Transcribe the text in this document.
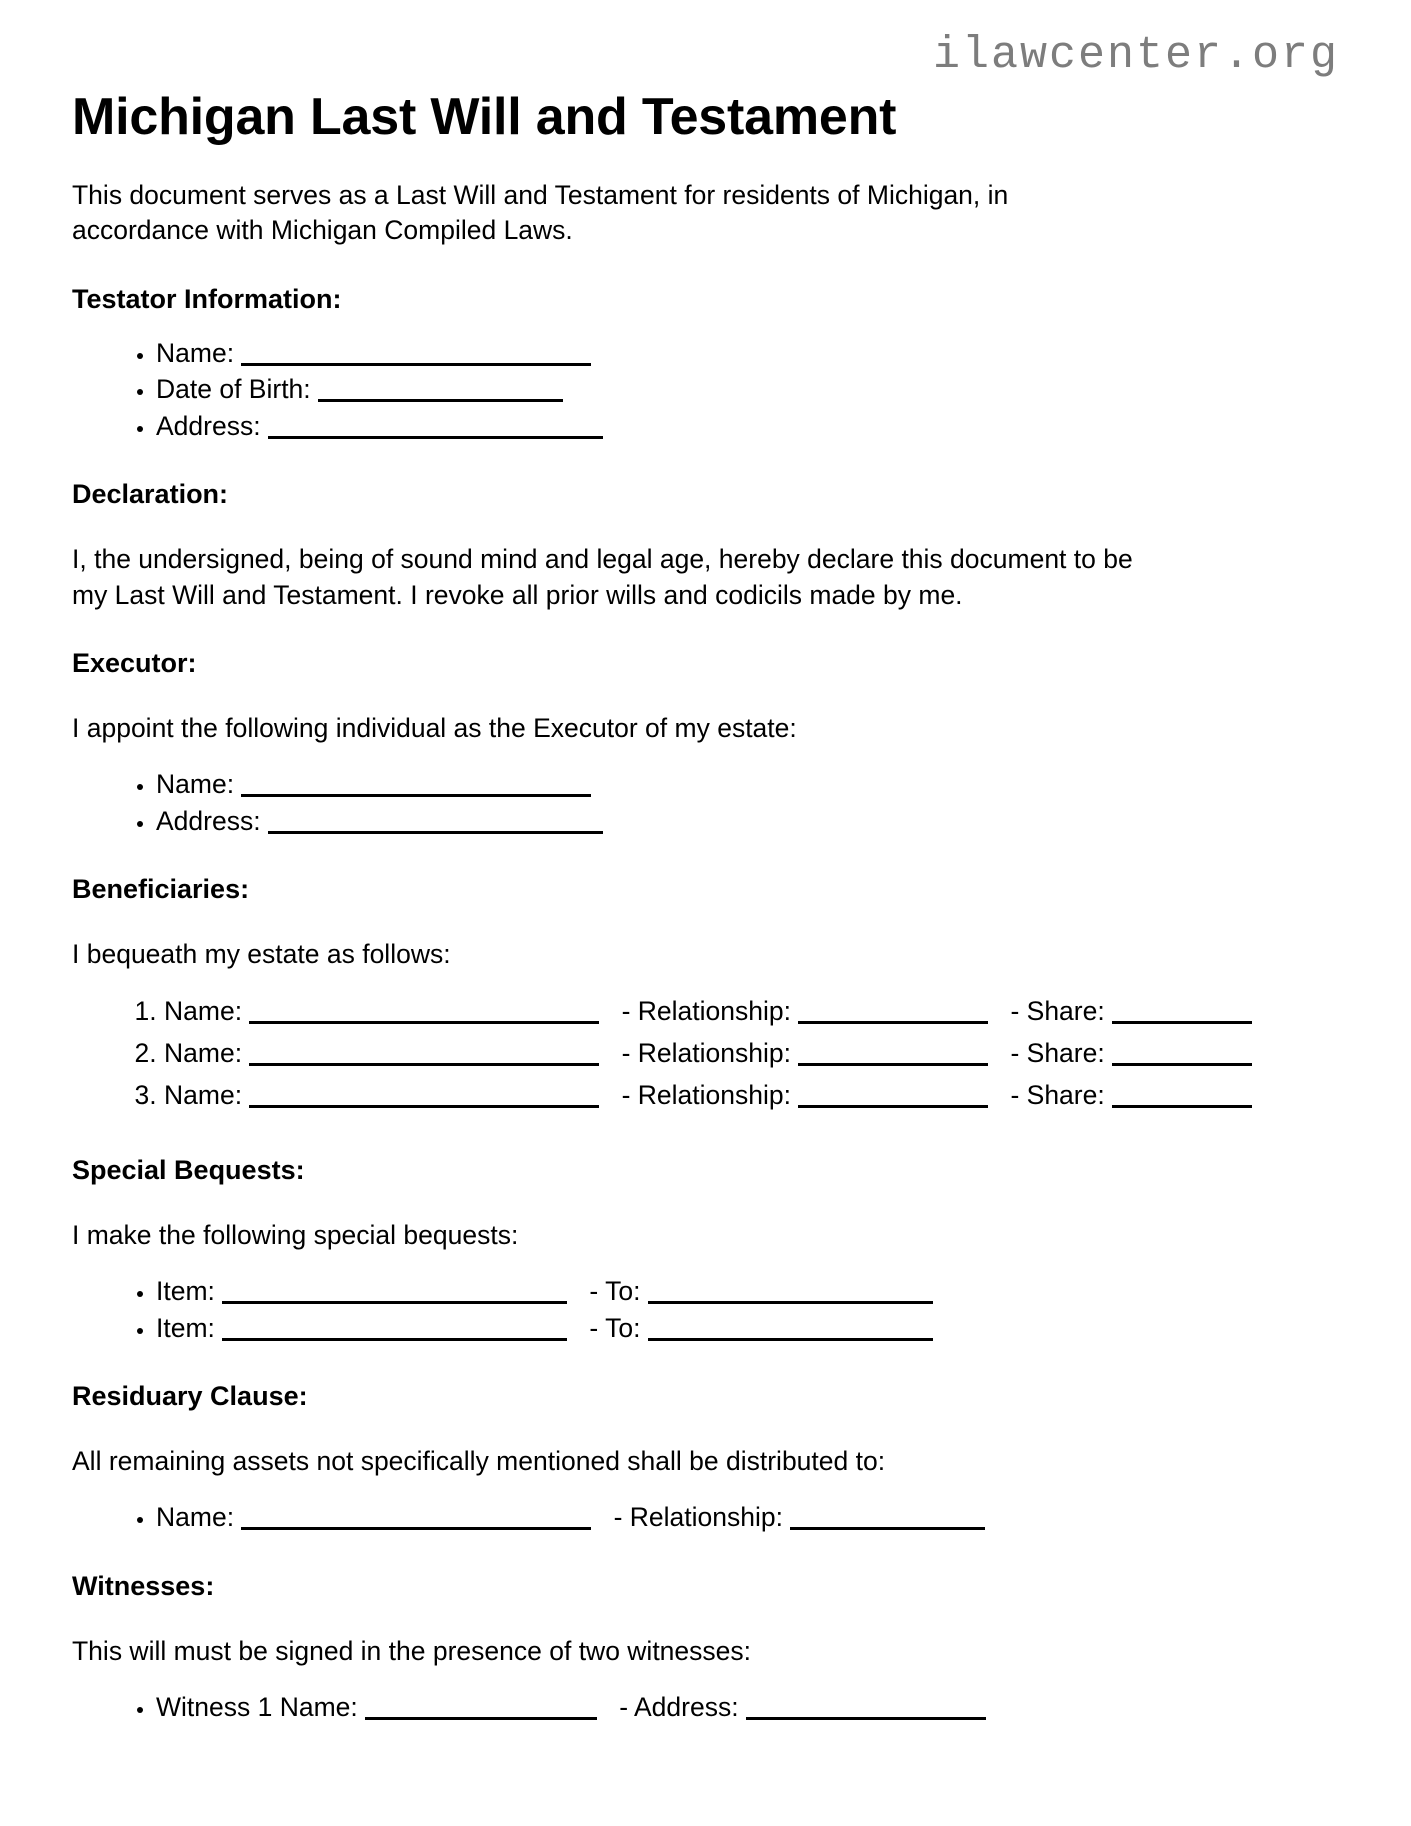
ilawcenter.org
Michigan Last Will and Testament

This document serves as a Last Will and Testament for residents of Michigan, in accordance with Michigan Compiled Laws.

Testator Information:
• Name:
• Date of Birth:
• Address:
Declaration:

I, the undersigned, being of sound mind and legal age, hereby declare this document to be my Last Will and Testament. I revoke all prior wills and codicils made by me.

Executor:

I appoint the following individual as the Executor of my estate:

• Name:
• Address:
Beneficiaries:

I bequeath my estate as follows:

1. Name:	- Relationship:	- Share:
2. Name:	- Relationship:	- Share:
3. Name:	- Relationship:	- Share:
Special Bequests:

I make the following special bequests:

• Item:	- To:
• Item:	- To:
Residuary Clause:

All remaining assets not specifically mentioned shall be distributed to:

• Name:	- Relationship:
Witnesses:

This will must be signed in the presence of two witnesses:

• Witness 1 Name:	- Address:
